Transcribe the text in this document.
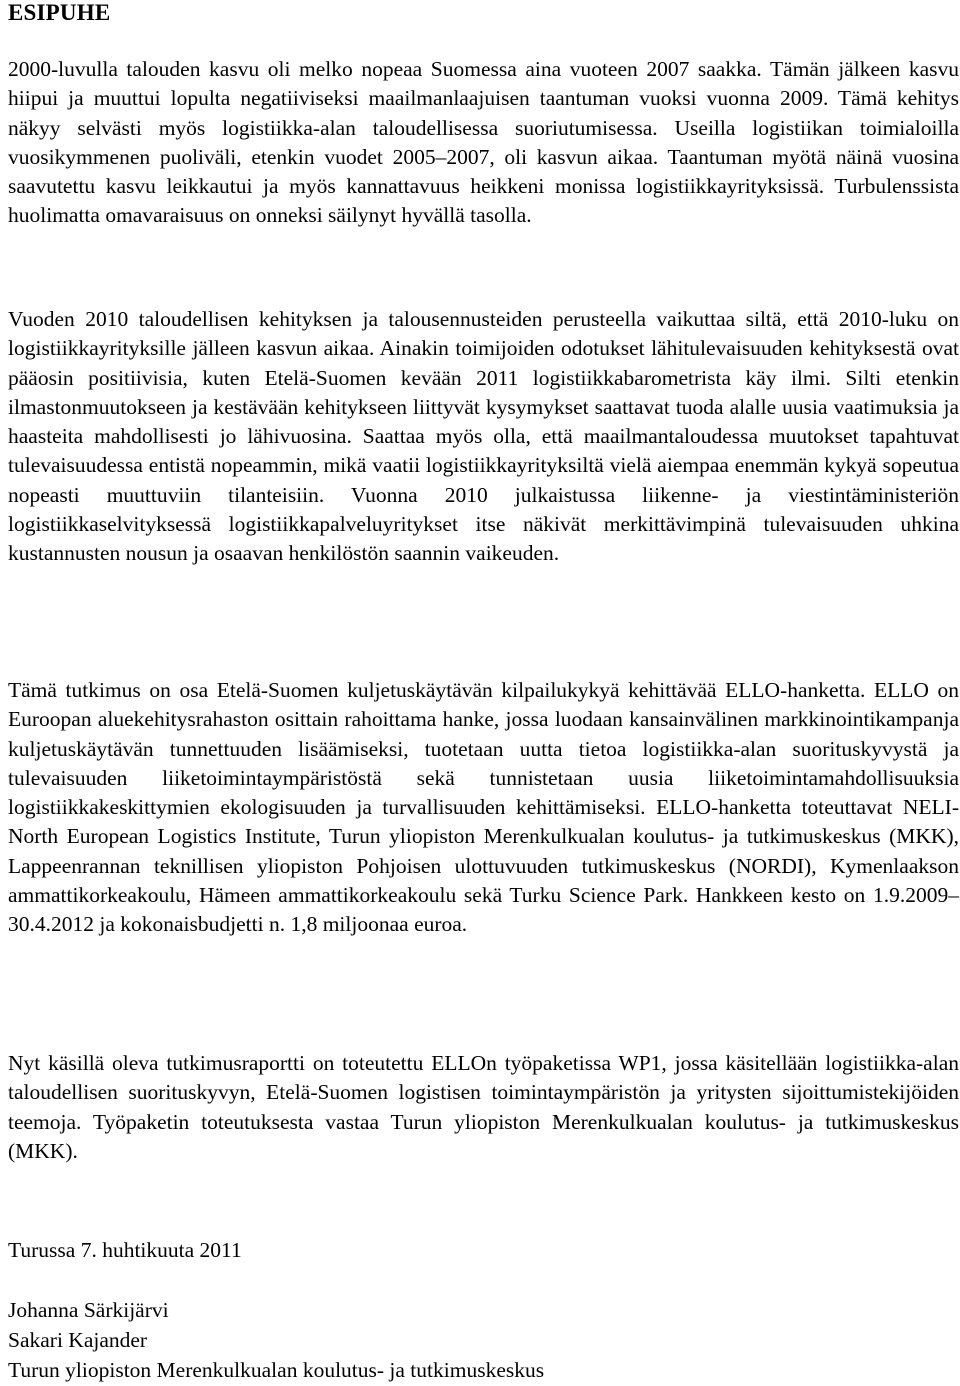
ESIPUHE

2000-luvulla talouden kasvu oli melko nopeaa Suomessa aina vuoteen 2007 saakka. Tämän jälkeen kasvu hiipui ja muuttui lopulta negatiiviseksi maailmanlaajuisen taantuman vuoksi vuonna 2009. Tämä kehitys näkyy selvästi myös logistiikka-alan taloudellisessa suoriutumisessa. Useilla logistiikan toimialoilla vuosikymmenen puoliväli, etenkin vuodet 2005–2007, oli kasvun aikaa. Taantuman myötä näinä vuosina saavutettu kasvu leikkautui ja myös kannattavuus heikkeni monissa logistiikkayrityksissä. Turbulenssista huolimatta omavaraisuus on onneksi säilynyt hyvällä tasolla.

Vuoden 2010 taloudellisen kehityksen ja talousennusteiden perusteella vaikuttaa siltä, että 2010-luku on logistiikkayrityksille jälleen kasvun aikaa. Ainakin toimijoiden odotukset lähitulevaisuuden kehityksestä ovat pääosin positiivisia, kuten Etelä-Suomen kevään 2011 logistiikkabarometrista käy ilmi. Silti etenkin ilmastonmuutokseen ja kestävään kehitykseen liittyvät kysymykset saattavat tuoda alalle uusia vaatimuksia ja haasteita mahdollisesti jo lähivuosina. Saattaa myös olla, että maailmantaloudessa muutokset tapahtuvat tulevaisuudessa entistä nopeammin, mikä vaatii logistiikkayrityksiltä vielä aiempaa enemmän kykyä sopeutua nopeasti muuttuviin tilanteisiin. Vuonna 2010 julkaistussa liikenne- ja viestintäministeriön logistiikkaselvityksessä logistiikkapalveluyritykset itse näkivät merkittävimpinä tulevaisuuden uhkina kustannusten nousun ja osaavan henkilöstön saannin vaikeuden.

Tämä tutkimus on osa Etelä-Suomen kuljetuskäytävän kilpailukykyä kehittävää ELLO-hanketta. ELLO on Euroopan aluekehitysrahaston osittain rahoittama hanke, jossa luodaan kansainvälinen markkinointikampanja kuljetuskäytävän tunnettuuden lisäämiseksi, tuotetaan uutta tietoa logistiikka-alan suorituskyvystä ja tulevaisuuden liiketoimintaympäristöstä sekä tunnistetaan uusia liiketoimintamahdollisuuksia logistiikkakeskittymien ekologisuuden ja turvallisuuden kehittämiseksi. ELLO-hanketta toteuttavat NELI-North European Logistics Institute, Turun yliopiston Merenkulkualan koulutus- ja tutkimuskeskus (MKK), Lappeenrannan teknillisen yliopiston Pohjoisen ulottuvuuden tutkimuskeskus (NORDI), Kymenlaakson ammattikorkeakoulu, Hämeen ammattikorkeakoulu sekä Turku Science Park. Hankkeen kesto on 1.9.2009–30.4.2012 ja kokonaisbudjetti n. 1,8 miljoonaa euroa.

Nyt käsillä oleva tutkimusraportti on toteutettu ELLOn työpaketissa WP1, jossa käsitellään logistiikka-alan taloudellisen suorituskyvyn, Etelä-Suomen logistisen toimintaympäristön ja yritysten sijoittumistekijöiden teemoja. Työpaketin toteutuksesta vastaa Turun yliopiston Merenkulkualan koulutus- ja tutkimuskeskus (MKK).

Turussa 7. huhtikuuta 2011

Johanna Särkijärvi

Sakari Kajander

Turun yliopiston Merenkulkualan koulutus- ja tutkimuskeskus
